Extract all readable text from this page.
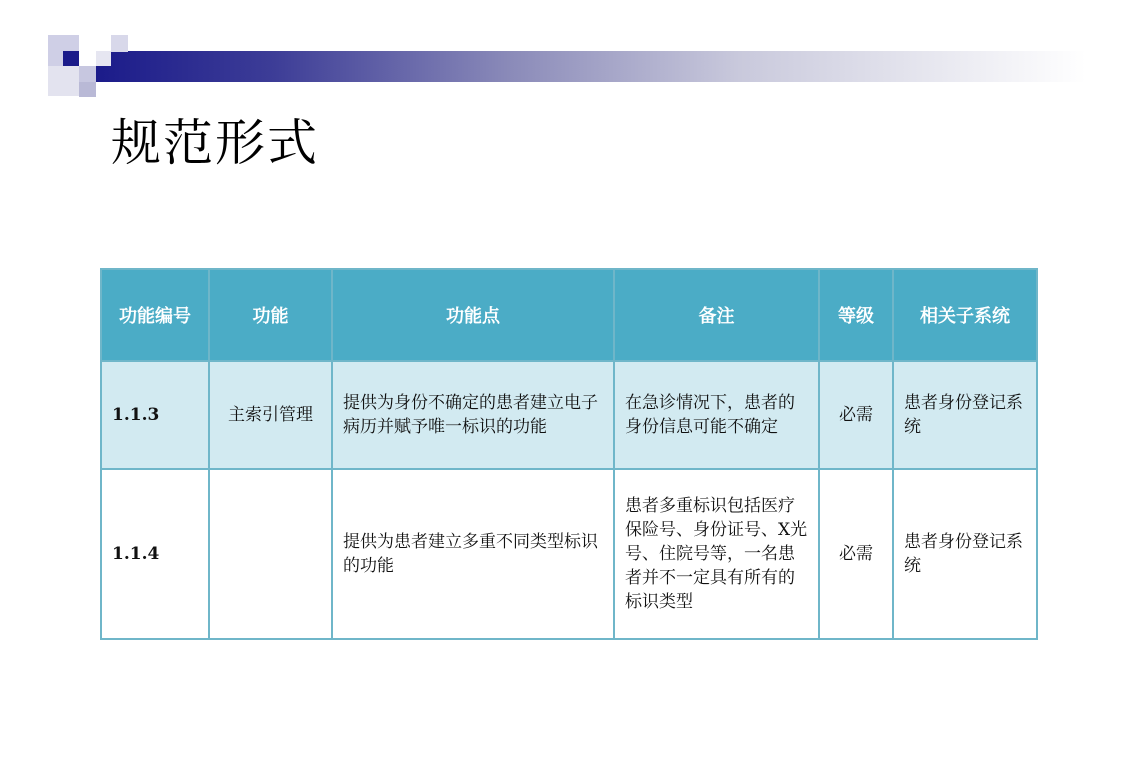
规范形式
功能编号	功能	功能点	备注	等级	相关子系统
1.1.3	主索引管理	提供为身份不确定的患者建立电子病历并赋予唯一标识的功能	在急诊情况下，患者的身份信息可能不确定	必需	患者身份登记系统
1.1.4		提供为患者建立多重不同类型标识的功能	患者多重标识包括医疗保险号、身份证号、X光号、住院号等，一名患者并不一定具有所有的标识类型	必需	患者身份登记系统
